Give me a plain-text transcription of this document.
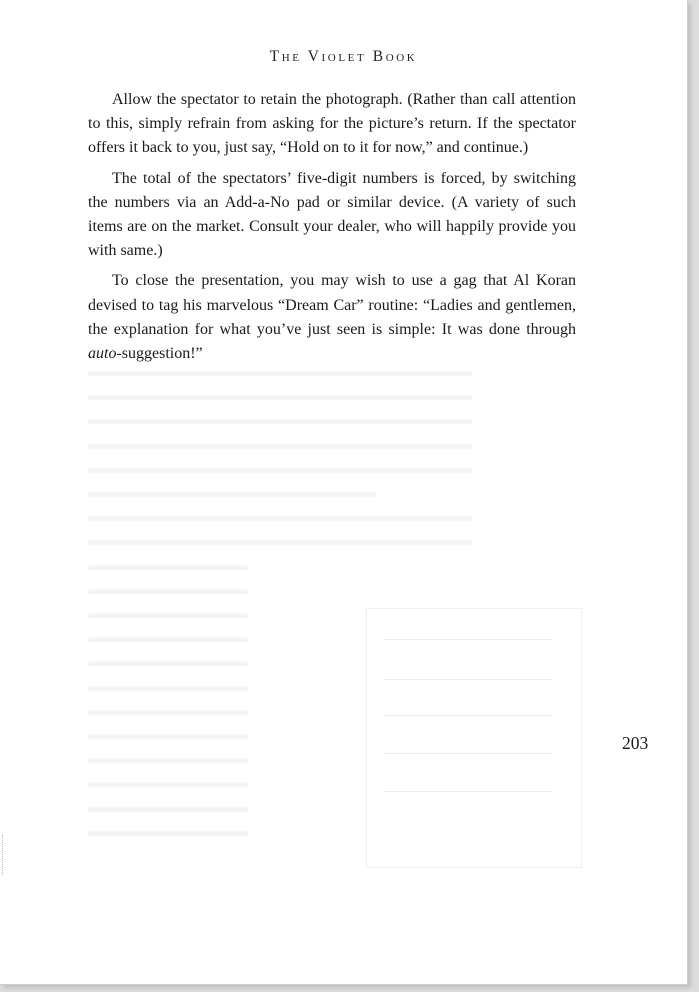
The Violet Book

Allow the spectator to retain the photograph. (Rather than call attention to this, simply refrain from asking for the picture’s return. If the spectator offers it back to you, just say, “Hold on to it for now,” and continue.)

The total of the spectators’ five-digit numbers is forced, by switching the numbers via an Add-a-No pad or similar device. (A variety of such items are on the market. Consult your dealer, who will happily provide you with same.)

To close the presentation, you may wish to use a gag that Al Koran devised to tag his marvelous “Dream Car” routine: “Ladies and gentlemen, the explanation for what you’ve just seen is simple: It was done through auto-suggestion!”

203
